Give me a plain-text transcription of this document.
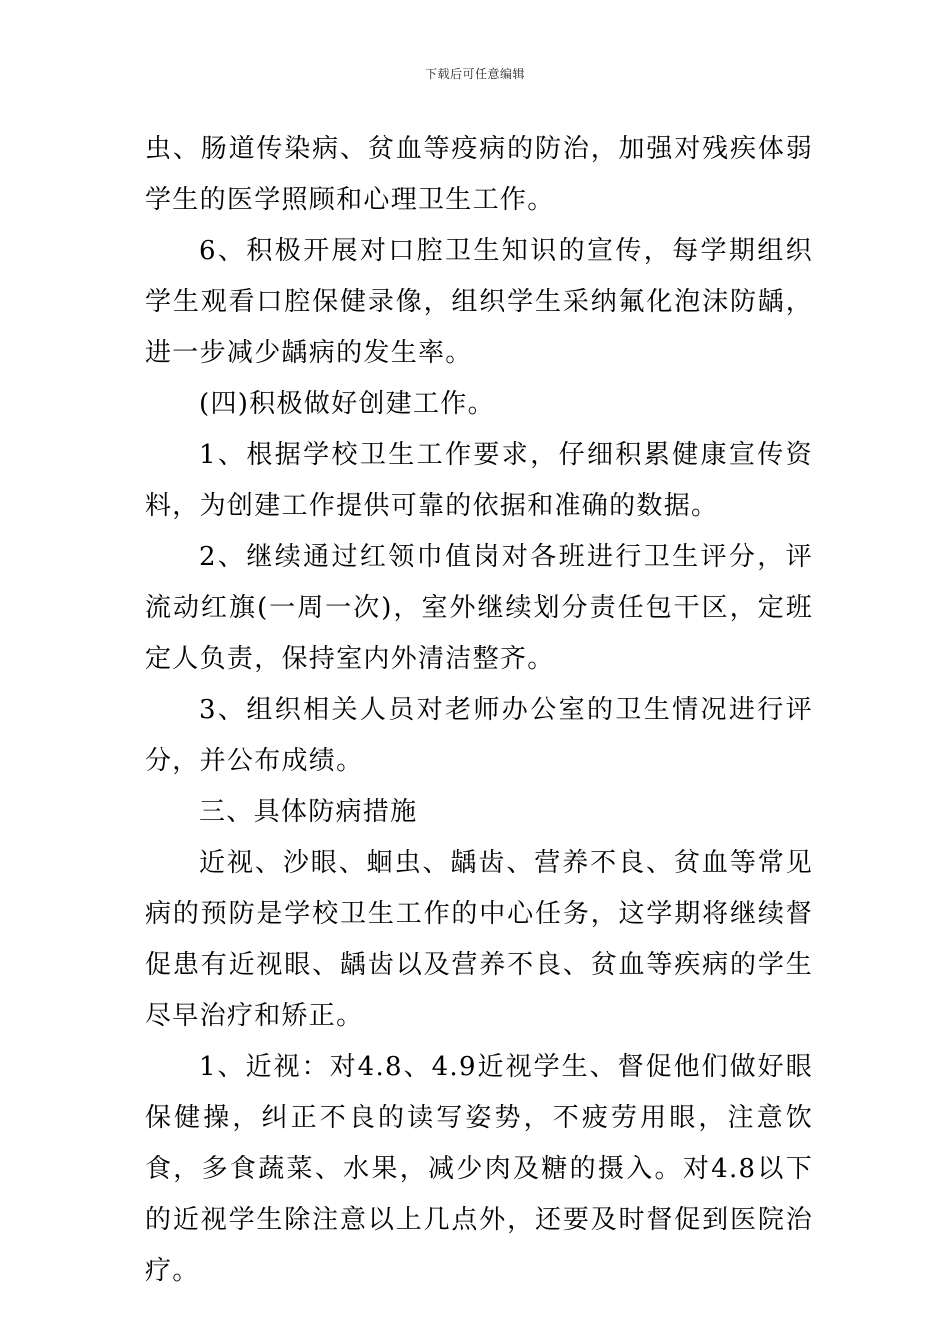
下载后可任意编辑

虫、肠道传染病、贫血等疫病的防治，加强对残疾体弱学生的医学照顾和心理卫生工作。

6、积极开展对口腔卫生知识的宣传，每学期组织学生观看口腔保健录像，组织学生采纳氟化泡沫防龋，进一步减少龋病的发生率。

(四)积极做好创建工作。

1、根据学校卫生工作要求，仔细积累健康宣传资料，为创建工作提供可靠的依据和准确的数据。

2、继续通过红领巾值岗对各班进行卫生评分，评流动红旗(一周一次)，室外继续划分责任包干区，定班定人负责，保持室内外清洁整齐。

3、组织相关人员对老师办公室的卫生情况进行评分，并公布成绩。

三、具体防病措施

近视、沙眼、蛔虫、龋齿、营养不良、贫血等常见病的预防是学校卫生工作的中心任务，这学期将继续督促患有近视眼、龋齿以及营养不良、贫血等疾病的学生尽早治疗和矫正。

1、近视：对4.8、4.9近视学生、督促他们做好眼保健操，纠正不良的读写姿势，不疲劳用眼，注意饮食，多食蔬菜、水果，减少肉及糖的摄入。对4.8以下的近视学生除注意以上几点外，还要及时督促到医院治疗。
